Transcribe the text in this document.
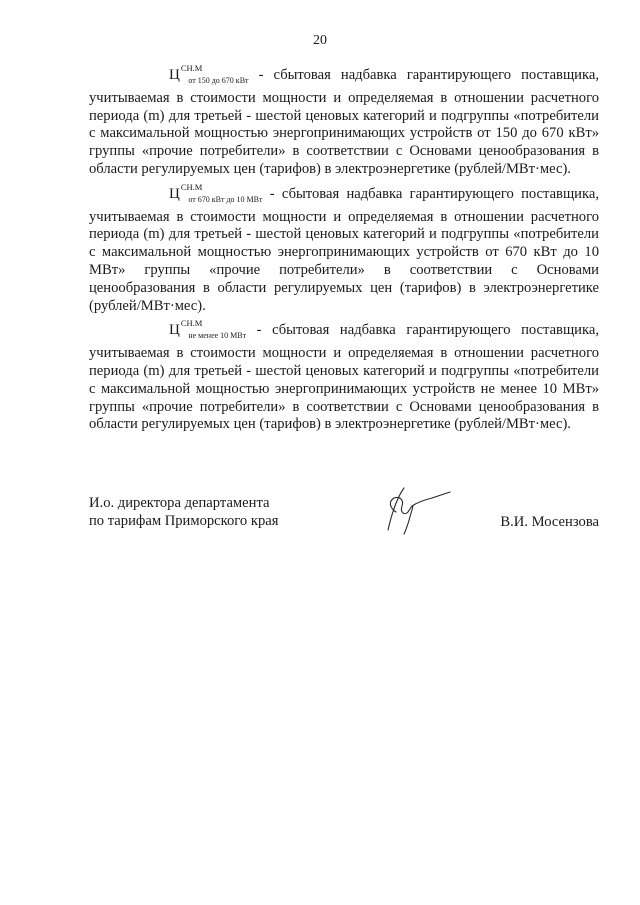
20

$Ц^{СН.М}_{от 150 до 670 кВт}$ - сбытовая надбавка гарантирующего поставщика, учитываемая в стоимости мощности и определяемая в отношении расчетного периода (m) для третьей - шестой ценовых категорий и подгруппы «потребители с максимальной мощностью энергопринимающих устройств от 150 до 670 кВт» группы «прочие потребители» в соответствии с Основами ценообразования в области регулируемых цен (тарифов) в электроэнергетике (рублей/МВт·мес).

$Ц^{СН.М}_{от 670 кВт до 10 МВт}$ - сбытовая надбавка гарантирующего поставщика, учитываемая в стоимости мощности и определяемая в отношении расчетного периода (m) для третьей - шестой ценовых категорий и подгруппы «потребители с максимальной мощностью энергопринимающих устройств от 670 кВт до 10 МВт» группы «прочие потребители» в соответствии с Основами ценообразования в области регулируемых цен (тарифов) в электроэнергетике (рублей/МВт·мес).

$Ц^{СН.М}_{не менее 10 МВт}$ - сбытовая надбавка гарантирующего поставщика, учитываемая в стоимости мощности и определяемая в отношении расчетного периода (m) для третьей - шестой ценовых категорий и подгруппы «потребители с максимальной мощностью энергопринимающих устройств не менее 10 МВт» группы «прочие потребители» в соответствии с Основами ценообразования в области регулируемых цен (тарифов) в электроэнергетике (рублей/МВт·мес).

И.о. директора департамента
по тарифам Приморского края	В.И. Мосензова
